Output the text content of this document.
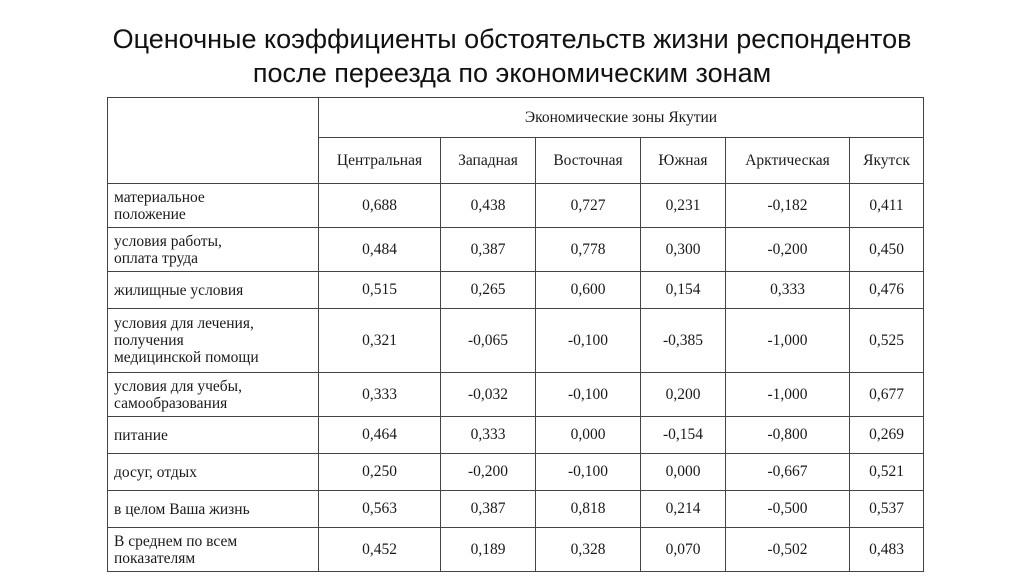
Оценочные коэффициенты обстоятельств жизни респондентов
после переезда по экономическим зонам
	Экономические зоны Якутии					
	Центральная	Западная	Восточная	Южная	Арктическая	Якутск

материальное
положение	0,688	0,438	0,727	0,231	-0,182	0,411

условия работы,
оплата труда	0,484	0,387	0,778	0,300	-0,200	0,450

жилищные условия	0,515	0,265	0,600	0,154	0,333	0,476

условия для лечения,
получения
медицинской помощи	0,321	-0,065	-0,100	-0,385	-1,000	0,525

условия для учебы,
самообразования	0,333	-0,032	-0,100	0,200	-1,000	0,677

питание	0,464	0,333	0,000	-0,154	-0,800	0,269

досуг, отдых	0,250	-0,200	-0,100	0,000	-0,667	0,521

в целом Ваша жизнь	0,563	0,387	0,818	0,214	-0,500	0,537

В среднем по всем
показателям	0,452	0,189	0,328	0,070	-0,502	0,483
